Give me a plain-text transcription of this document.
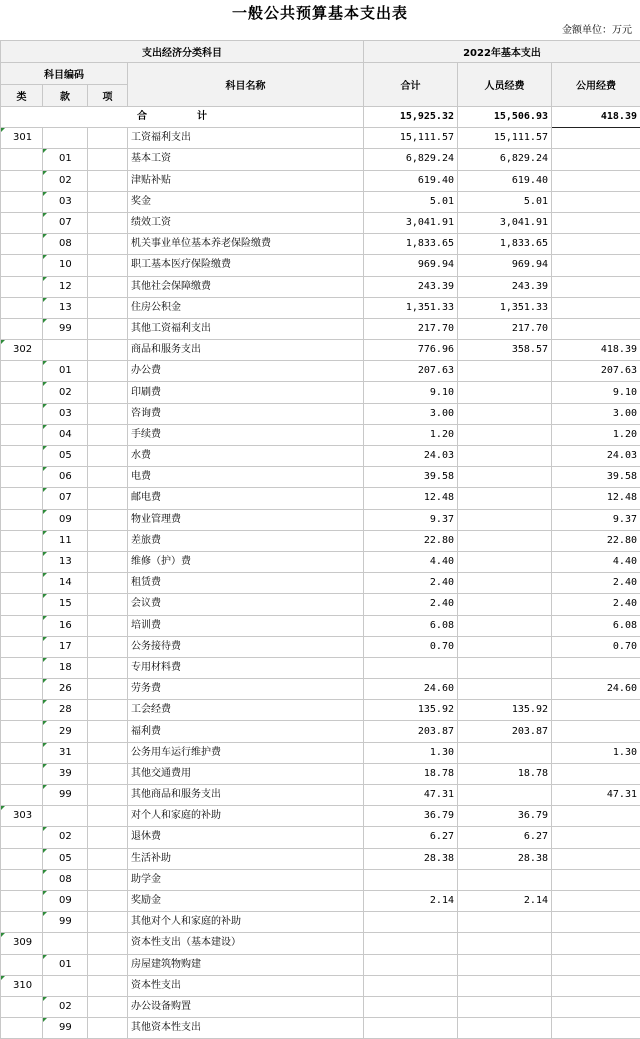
一般公共预算基本支出表
金额单位：万元
支出经济分类科目				2022年基本支出		
科目编码			科目名称	合计	人员经费	公用经费
类	款	项				
合　计				15,925.32	15,506.93	418.39
301			工资福利支出	15,111.57	15,111.57	
	01		基本工资	6,829.24	6,829.24	
	02		津贴补贴	619.40	619.40	
	03		奖金	5.01	5.01	
	07		绩效工资	3,041.91	3,041.91	
	08		机关事业单位基本养老保险缴费	1,833.65	1,833.65	
	10		职工基本医疗保险缴费	969.94	969.94	
	12		其他社会保障缴费	243.39	243.39	
	13		住房公积金	1,351.33	1,351.33	
	99		其他工资福利支出	217.70	217.70	
302			商品和服务支出	776.96	358.57	418.39
	01		办公费	207.63		207.63
	02		印刷费	9.10		9.10
	03		咨询费	3.00		3.00
	04		手续费	1.20		1.20
	05		水费	24.03		24.03
	06		电费	39.58		39.58
	07		邮电费	12.48		12.48
	09		物业管理费	9.37		9.37
	11		差旅费	22.80		22.80
	13		维修（护）费	4.40		4.40
	14		租赁费	2.40		2.40
	15		会议费	2.40		2.40
	16		培训费	6.08		6.08
	17		公务接待费	0.70		0.70
	18		专用材料费			
	26		劳务费	24.60		24.60
	28		工会经费	135.92	135.92	
	29		福利费	203.87	203.87	
	31		公务用车运行维护费	1.30		1.30
	39		其他交通费用	18.78	18.78	
	99		其他商品和服务支出	47.31		47.31
303			对个人和家庭的补助	36.79	36.79	
	02		退休费	6.27	6.27	
	05		生活补助	28.38	28.38	
	08		助学金			
	09		奖励金	2.14	2.14	
	99		其他对个人和家庭的补助			
309			资本性支出（基本建设）			
	01		房屋建筑物购建			
310			资本性支出			
	02		办公设备购置			
	99		其他资本性支出			
